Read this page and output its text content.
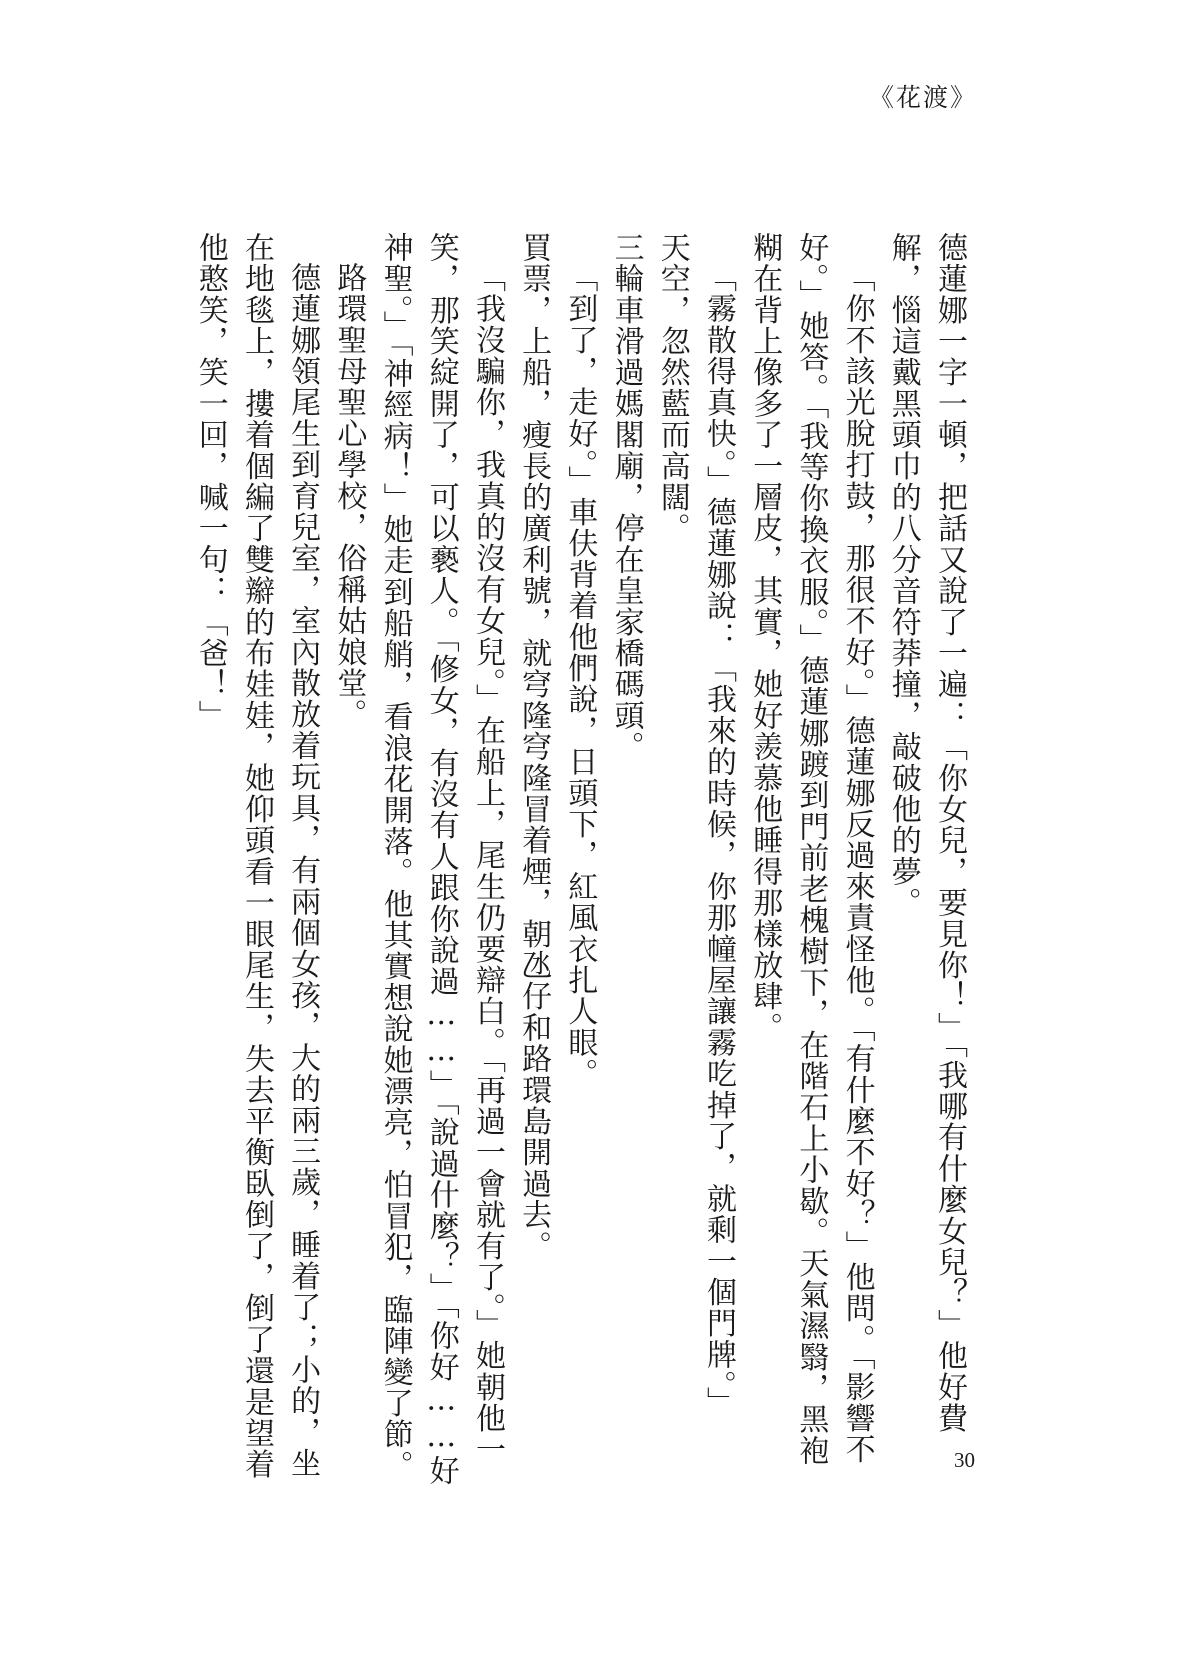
《花渡》

德蓮娜一字一頓，把話又說了一遍：「你女兒，要見你！」「我哪有什麼女兒？」他好費解，惱這戴黑頭巾的八分音符莽撞，敲破他的夢。

「你不該光脫打鼓，那很不好。」德蓮娜反過來責怪他。「有什麼不好？」他問。「影響不好。」她答。「我等你換衣服。」德蓮娜踱到門前老槐樹下，在階石上小歇。天氣濕翳，黑袍糊在背上像多了一層皮，其實，她好羨慕他睡得那樣放肆。

「霧散得真快。」德蓮娜說：「我來的時候，你那幢屋讓霧吃掉了，就剩一個門牌。」

天空，忽然藍而高闊。

三輪車滑過媽閣廟，停在皇家橋碼頭。

「到了，走好。」車伕背着他們說，日頭下，紅風衣扎人眼。

買票，上船，瘦長的廣利號，就穹隆穹隆冒着煙，朝氹仔和路環島開過去。

「我沒騙你，我真的沒有女兒。」在船上，尾生仍要辯白。「再過一會就有了。」她朝他一笑，那笑綻開了，可以褻人。「修女，有沒有人跟你說過……」「說過什麼？」「你好……好神聖。」「神經病！」她走到船艄，看浪花開落。他其實想說她漂亮，怕冒犯，臨陣變了節。

路環聖母聖心學校，俗稱姑娘堂。

德蓮娜領尾生到育兒室，室內散放着玩具，有兩個女孩，大的兩三歲，睡着了；小的，坐在地毯上，摟着個編了雙辮的布娃娃，她仰頭看一眼尾生，失去平衡臥倒了，倒了還是望着他憨笑，笑一回，喊一句：「爸！」

30
